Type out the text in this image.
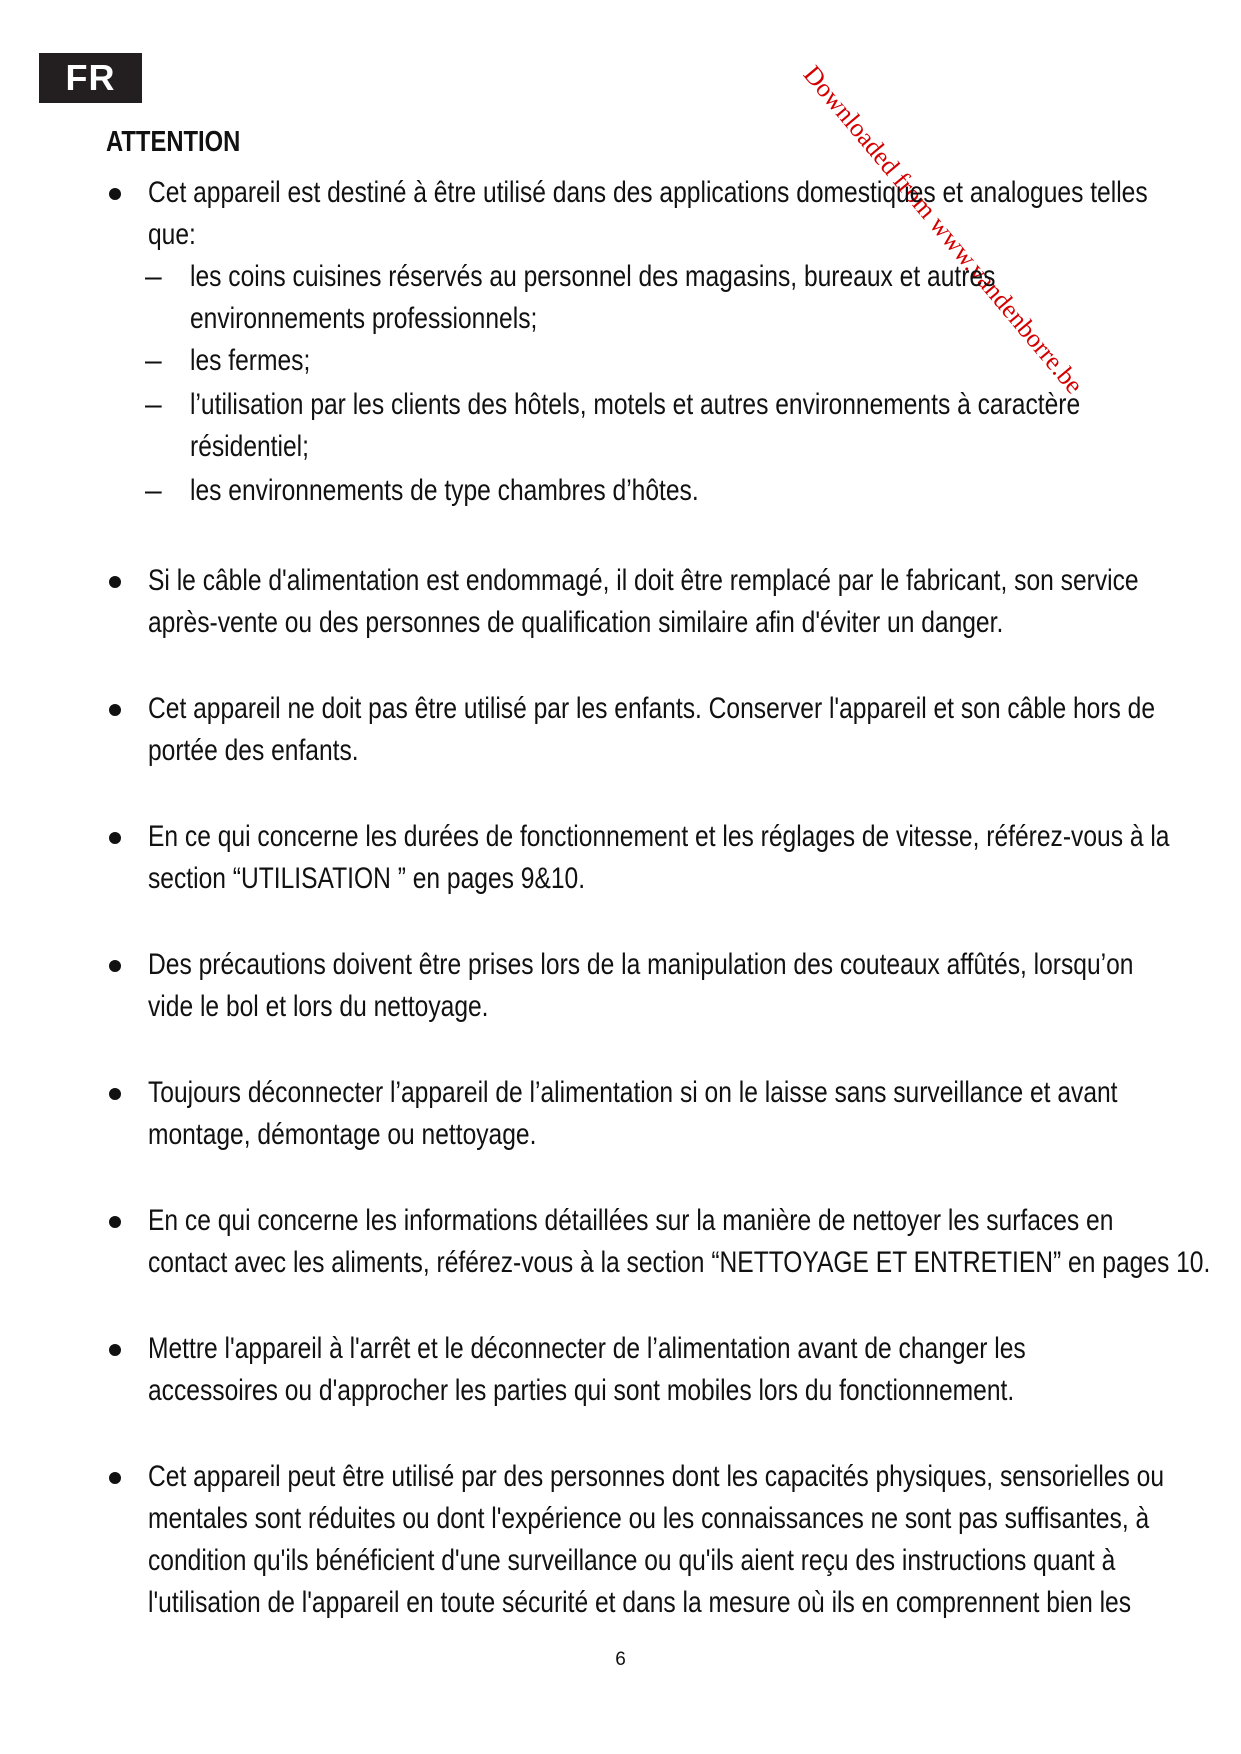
FR
ATTENTION	Downloaded from www.vandenborre.be
Cet appareil est destiné à être utilisé dans des applications domestiques et analogues telles
que:
– les coins cuisines réservés au personnel des magasins, bureaux et autres
environnements professionnels;
– les fermes;
– l’utilisation par les clients des hôtels, motels et autres environnements à caractère
résidentiel;
– les environnements de type chambres d’hôtes.
Si le câble d'alimentation est endommagé, il doit être remplacé par le fabricant, son service
après-vente ou des personnes de qualification similaire afin d'éviter un danger.
Cet appareil ne doit pas être utilisé par les enfants. Conserver l'appareil et son câble hors de
portée des enfants.
En ce qui concerne les durées de fonctionnement et les réglages de vitesse, référez-vous à la
section “UTILISATION ” en pages 9&10.
Des précautions doivent être prises lors de la manipulation des couteaux affûtés, lorsqu’on
vide le bol et lors du nettoyage.
Toujours déconnecter l’appareil de l’alimentation si on le laisse sans surveillance et avant
montage, démontage ou nettoyage.
En ce qui concerne les informations détaillées sur la manière de nettoyer les surfaces en
contact avec les aliments, référez-vous à la section “NETTOYAGE ET ENTRETIEN” en pages 10.
Mettre l'appareil à l'arrêt et le déconnecter de l’alimentation avant de changer les
accessoires ou d'approcher les parties qui sont mobiles lors du fonctionnement.
Cet appareil peut être utilisé par des personnes dont les capacités physiques, sensorielles ou
mentales sont réduites ou dont l'expérience ou les connaissances ne sont pas suffisantes, à
condition qu'ils bénéficient d'une surveillance ou qu'ils aient reçu des instructions quant à
l'utilisation de l'appareil en toute sécurité et dans la mesure où ils en comprennent bien les
6
